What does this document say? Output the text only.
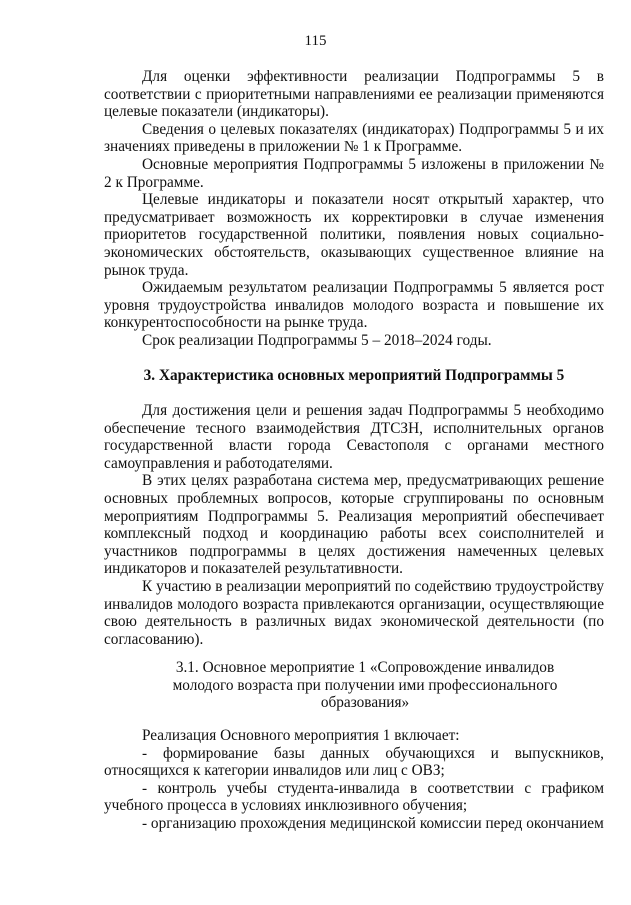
115

Для оценки эффективности реализации Подпрограммы 5 в соответствии с приоритетными направлениями ее реализации применяются целевые показатели (индикаторы).

Сведения о целевых показателях (индикаторах) Подпрограммы 5 и их значениях приведены в приложении № 1 к Программе.

Основные мероприятия Подпрограммы 5 изложены в приложении № 2 к Программе.

Целевые индикаторы и показатели носят открытый характер, что предусматривает возможность их корректировки в случае изменения приоритетов государственной политики, появления новых социально-экономических обстоятельств, оказывающих существенное влияние на рынок труда.

Ожидаемым результатом реализации Подпрограммы 5 является рост уровня трудоустройства инвалидов молодого возраста и повышение их конкурентоспособности на рынке труда.

Срок реализации Подпрограммы 5 – 2018–2024 годы.

3. Характеристика основных мероприятий Подпрограммы 5

Для достижения цели и решения задач Подпрограммы 5 необходимо обеспечение тесного взаимодействия ДТСЗН, исполнительных органов государственной власти города Севастополя с органами местного самоуправления и работодателями.

В этих целях разработана система мер, предусматривающих решение основных проблемных вопросов, которые сгруппированы по основным мероприятиям Подпрограммы 5. Реализация мероприятий обеспечивает комплексный подход и координацию работы всех соисполнителей и участников подпрограммы в целях достижения намеченных целевых индикаторов и показателей результативности.

К участию в реализации мероприятий по содействию трудоустройству инвалидов молодого возраста привлекаются организации, осуществляющие свою деятельность в различных видах экономической деятельности (по согласованию).

3.1. Основное мероприятие 1 «Сопровождение инвалидов
молодого возраста при получении ими профессионального
образования»

Реализация Основного мероприятия 1 включает:

- формирование базы данных обучающихся и выпускников, относящихся к категории инвалидов или лиц с ОВЗ;

- контроль учебы студента-инвалида в соответствии с графиком учебного процесса в условиях инклюзивного обучения;

- организацию прохождения медицинской комиссии перед окончанием
